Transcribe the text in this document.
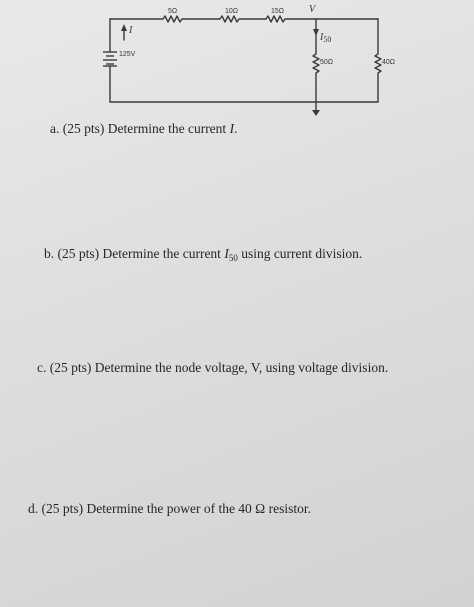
5Ω	10Ω	15Ω
50Ω	40Ω
125V
V
I
$I_{50}$
a. (25 pts) Determine the current I.
b. (25 pts) Determine the current $I_{50}$ using current division.
c. (25 pts) Determine the node voltage, V, using voltage division.
d. (25 pts) Determine the power of the 40 Ω resistor.
